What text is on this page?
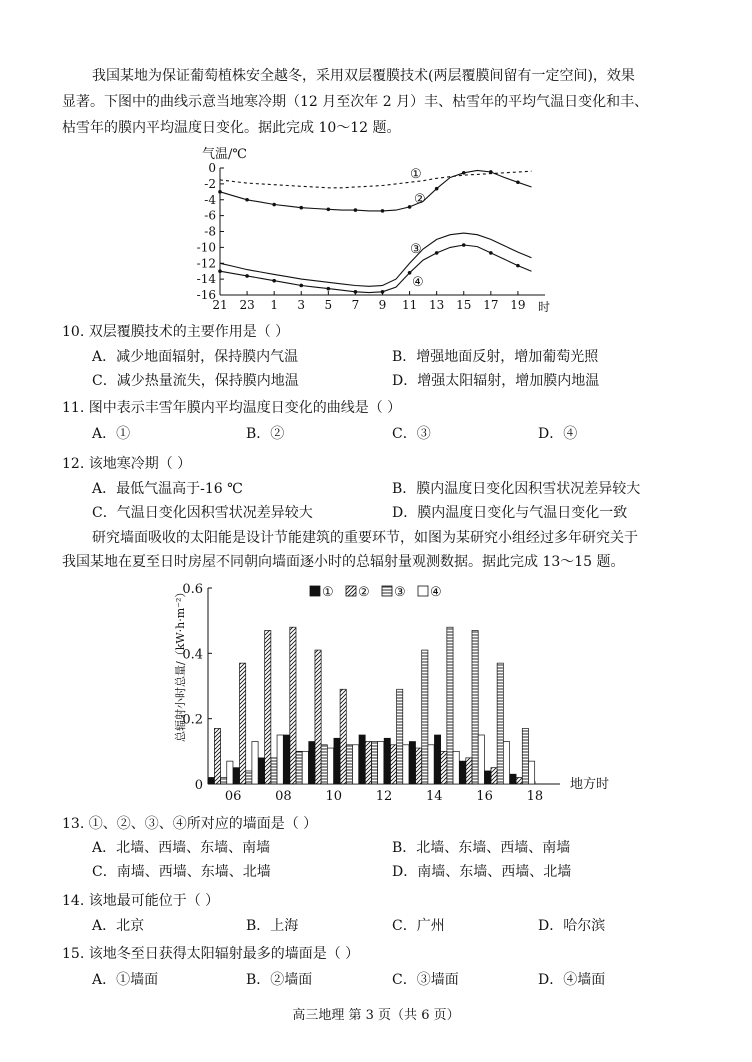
我国某地为保证葡萄植株安全越冬，采用双层覆膜技术(两层覆膜间留有一定空间)，效果
显著。下图中的曲线示意当地寒冷期（12 月至次年 2 月）丰、枯雪年的平均气温日变化和丰、
枯雪年的膜内平均温度日变化。据此完成 10～12 题。
0
-2
-4
-6
-8
-10
-12
-14
-16
21 23 1 3 5 7 9 11 13 15 17 19
气温/℃
时
①
②
③
④
10. 双层覆膜技术的主要作用是（ ）
A．减少地面辐射，保持膜内气温	B．增强地面反射，增加葡萄光照
C．减少热量流失，保持膜内地温	D．增强太阳辐射，增加膜内地温
11. 图中表示丰雪年膜内平均温度日变化的曲线是（ ）
A．①	B．②	C．③	D．④
12. 该地寒冷期（ ）
A．最低气温高于-16 ℃	B．膜内温度日变化因积雪状况差异较大
C．气温日变化因积雪状况差异较大	D．膜内温度日变化与气温日变化一致
研究墙面吸收的太阳能是设计节能建筑的重要环节，如图为某研究小组经过多年研究关于
我国某地在夏至日时房屋不同朝向墙面逐小时的总辐射量观测数据。据此完成 13～15 题。
0
0.2
0.4
0.6
06	08	10	12	14	16	18
① ② ③ ④
总辐射小时总量/（kW·h·m⁻²）
地方时
13. ①、②、③、④所对应的墙面是（ ）
A．北墙、西墙、东墙、南墙	B．北墙、东墙、西墙、南墙
C．南墙、西墙、东墙、北墙	D．南墙、东墙、西墙、北墙
14. 该地最可能位于（ ）
A．北京	B．上海	C．广州	D．哈尔滨
15. 该地冬至日获得太阳辐射最多的墙面是（ ）
A．①墙面	B．②墙面	C．③墙面	D．④墙面
高三地理 第 3 页（共 6 页）
